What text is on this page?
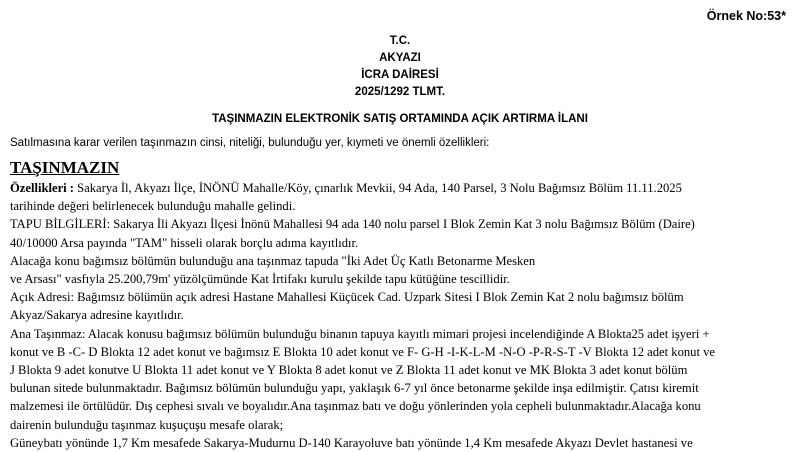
Örnek No:53*
T.C.
AKYAZI
İCRA DAİRESİ
2025/1292 TLMT.
TAŞINMAZIN ELEKTRONİK SATIŞ ORTAMINDA AÇIK ARTIRMA İLANI
Satılmasına karar verilen taşınmazın cinsi, niteliği, bulunduğu yer, kıymeti ve önemli özellikleri:
TAŞINMAZIN
Özellikleri : Sakarya İl, Akyazı İlçe, İNÖNÜ Mahalle/Köy, çınarlık Mevkii, 94 Ada, 140 Parsel, 3 Nolu Bağımsız Bölüm 11.11.2025
tarihinde değeri belirlenecek bulunduğu mahalle gelindi.
TAPU BİLGİLERİ: Sakarya İli Akyazı İlçesi İnönü Mahallesi 94 ada 140 nolu parsel I Blok Zemin Kat 3 nolu Bağımsız Bölüm (Daire)
40/10000 Arsa payında "TAM" hisseli olarak borçlu adıma kayıtlıdır.
Alacağa konu bağımsız bölümün bulunduğu ana taşınmaz tapuda "İki Adet Üç Katlı Betonarme Mesken
ve Arsası" vasfıyla 25.200,79m' yüzölçümünde Kat İrtifakı kurulu şekilde tapu kütüğüne tescillidir.
Açık Adresi: Bağımsız bölümün açık adresi Hastane Mahallesi Küçücek Cad. Uzpark Sitesi I Blok Zemin Kat 2 nolu bağımsız bölüm
Akyaz/Sakarya adresine kayıtlıdır.
Ana Taşınmaz: Alacak konusu bağımsız bölümün bulunduğu binanın tapuya kayıtlı mimari projesi incelendiğinde A Blokta25 adet işyeri +
konut ve B -C- D Blokta 12 adet konut ve bağımsız E Blokta 10 adet konut ve F- G-H -I-K-L-M -N-O -P-R-S-T -V Blokta 12 adet konut ve
J Blokta 9 adet konutve U Blokta 11 adet konut ve Y Blokta 8 adet konut ve Z Blokta 11 adet konut ve MK Blokta 3 adet konut bölüm
bulunan sitede bulunmaktadır. Bağımsız bölümün bulunduğu yapı, yaklaşık 6-7 yıl önce betonarme şekilde inşa edilmiştir. Çatısı kiremit
malzemesi ile örtülüdür. Dış cephesi sıvalı ve boyalıdır.Ana taşınmaz batı ve doğu yönlerinden yola cepheli bulunmaktadır.Alacağa konu
dairenin bulunduğu taşınmaz kuşuçuşu mesafe olarak;
Güneybatı yönünde 1,7 Km mesafede Sakarya-Mudurnu D-140 Karayoluve batı yönünde 1,4 Km mesafede Akyazı Devlet hastanesi ve
